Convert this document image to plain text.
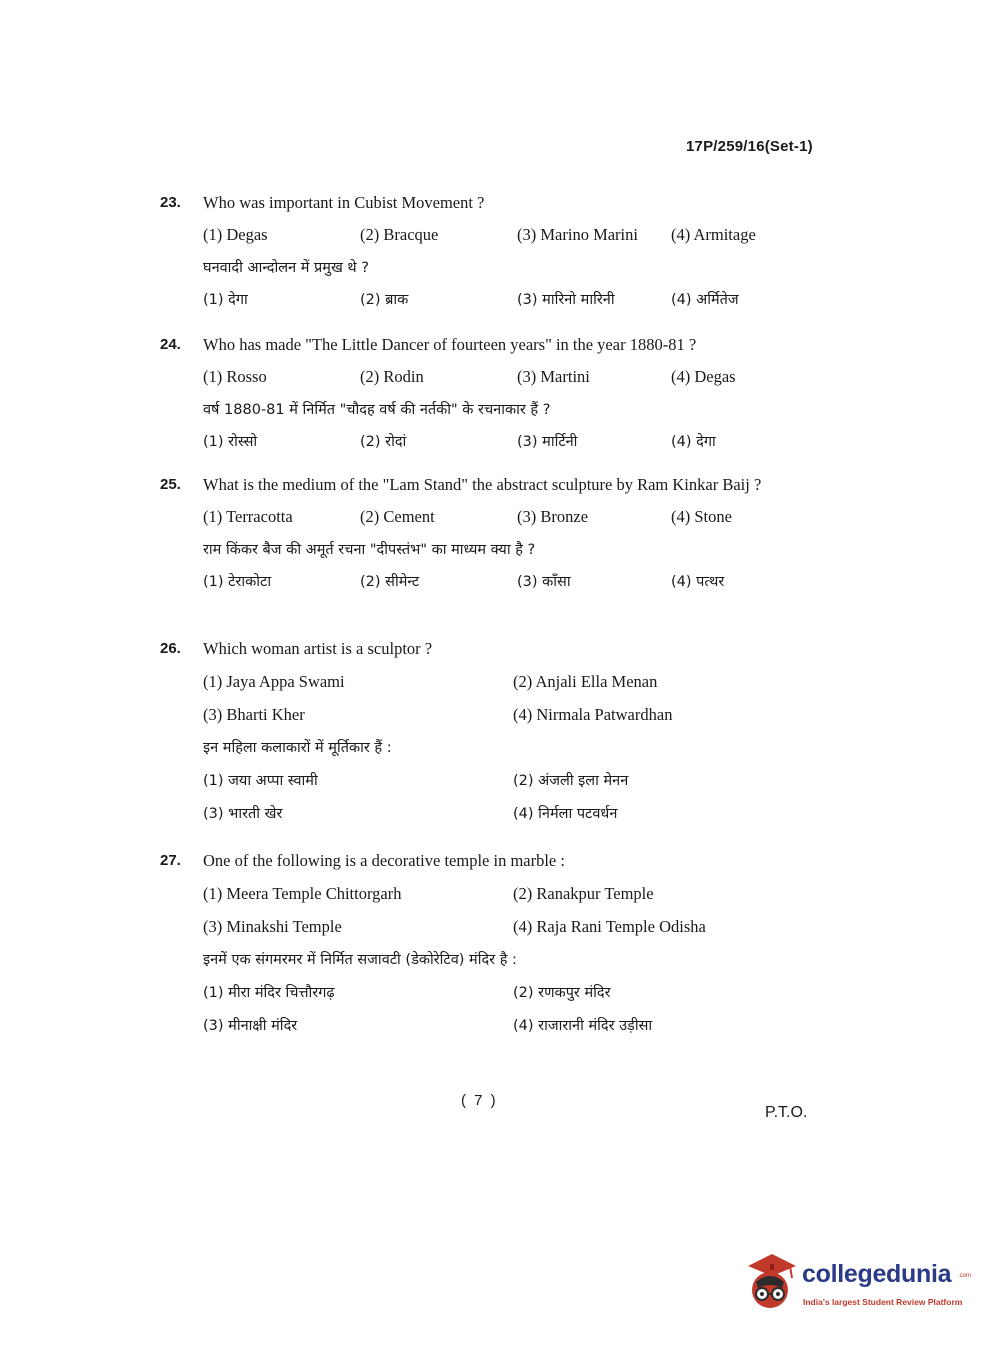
17P/259/16(Set-1)
23. Who was important in Cubist Movement ?
(1) Degas	(2) Bracque	(3) Marino Marini (4) Armitage
घनवादी आन्दोलन में प्रमुख थे ?
(1) देगा	(2) ब्राक	(3) मारिनो मारिनी	(4) अर्मितेज
24. Who has made "The Little Dancer of fourteen years" in the year 1880-81 ?
(1) Rosso	(2) Rodin	(3) Martini	(4) Degas
वर्ष 1880-81 में निर्मित "चौदह वर्ष की नर्तकी" के रचनाकार हैं ?
(1) रोस्सो	(2) रोदां	(3) मार्टिनी	(4) देगा
25. What is the medium of the "Lam Stand" the abstract sculpture by Ram Kinkar Baij ?
(1) Terracotta	(2) Cement	(3) Bronze	(4) Stone
राम किंकर बैज की अमूर्त रचना "दीपस्तंभ" का माध्यम क्या है ?
(1) टेराकोटा	(2) सीमेन्ट	(3) काँसा	(4) पत्थर
26. Which woman artist is a sculptor ?
(1) Jaya Appa Swami	(2) Anjali Ella Menan
(3) Bharti Kher	(4) Nirmala Patwardhan
इन महिला कलाकारों में मूर्तिकार हैं :
(1) जया अप्पा स्वामी	(2) अंजली इला मेनन
(3) भारती खेर	(4) निर्मला पटवर्धन
27. One of the following is a decorative temple in marble :
(1) Meera Temple Chittorgarh	(2) Ranakpur Temple
(3) Minakshi Temple	(4) Raja Rani Temple Odisha
इनमें एक संगमरमर में निर्मित सजावटी (डेकोरेटिव) मंदिर है :
(1) मीरा मंदिर चित्तौरगढ़	(2) रणकपुर मंदिर
(3) मीनाक्षी मंदिर	(4) राजारानी मंदिर उड़ीसा
( 7 )
P.T.O.
collegedunia .com
India's largest Student Review Platform
